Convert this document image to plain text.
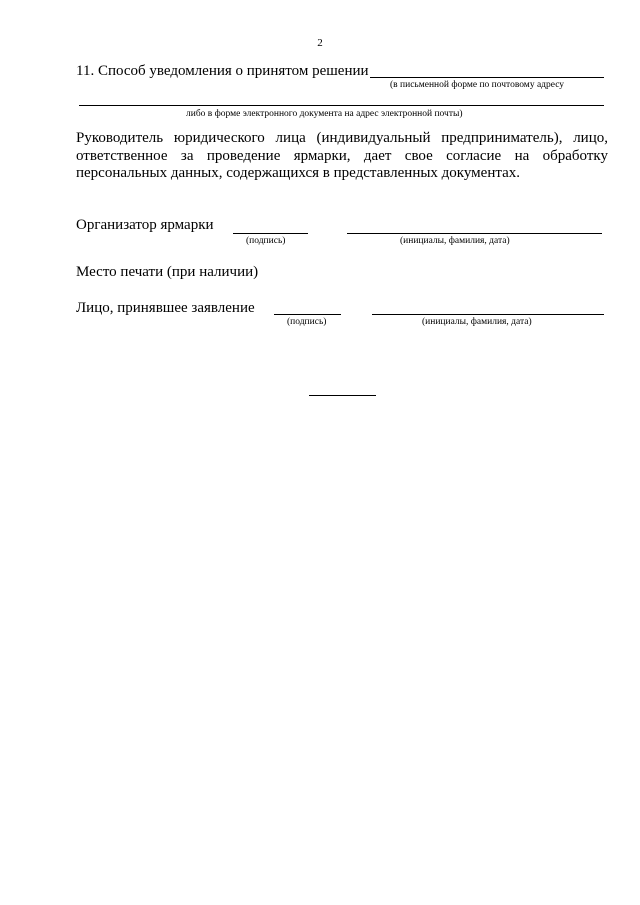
2
11. Способ уведомления о принятом решении
(в письменной форме по почтовому адресу
либо в форме электронного документа на адрес электронной почты)
Руководитель юридического лица (индивидуальный предприниматель), лицо, ответственное за проведение ярмарки, дает свое согласие на обработку персональных данных, содержащихся в представленных документах.
Организатор ярмарки
(подпись)	(инициалы, фамилия, дата)
Место печати (при наличии)
Лицо, принявшее заявление
(подпись)	(инициалы, фамилия, дата)
